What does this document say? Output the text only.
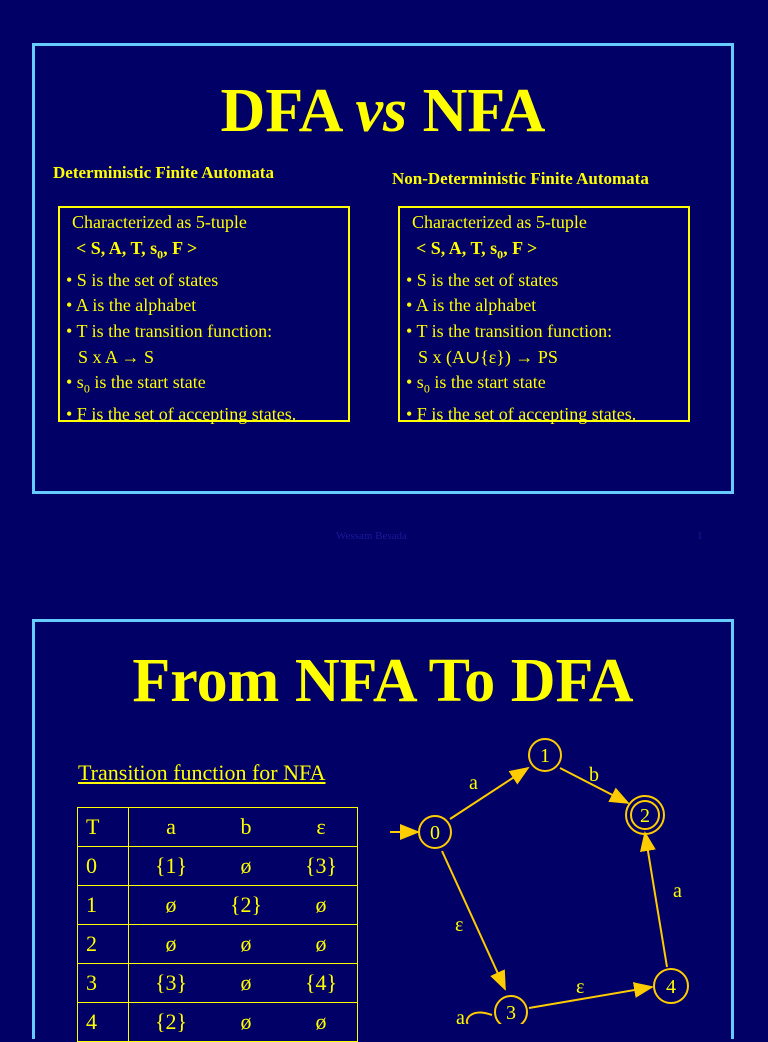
DFA vs NFA
Deterministic Finite Automata	Non-Deterministic Finite Automata
Characterized as 5-tuple
< S, A, T, $s_0$, F >
• S is the set of states
• A is the alphabet
• T is the transition function:
S x A → S
• $s_0$ is the start state
• F is the set of accepting states.
Characterized as 5-tuple
< S, A, T, $s_0$, F >
• S is the set of states
• A is the alphabet
• T is the transition function:
S x (A∪{ε}) → PS
• $s_0$ is the start state
• F is the set of accepting states.
Wessam Besada	1
From NFA To DFA
Transition function for NFA
T	a b ε

0	{1} ø {3}

1	ø {2} ø

2	ø ø ø

3	{3} ø {4}

4	{2} ø ø
0
1
2
3
4
a	b
ε
ε
a
a
